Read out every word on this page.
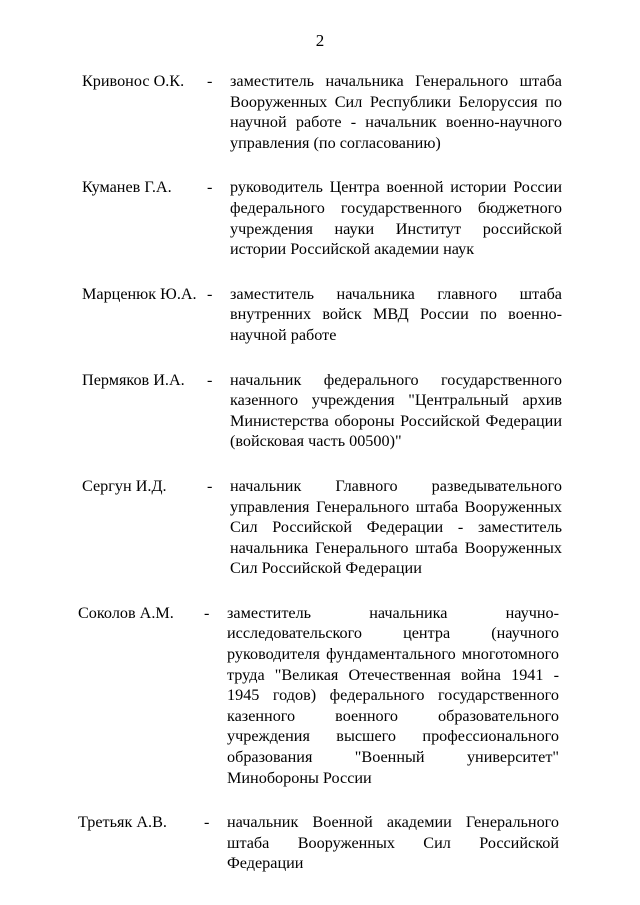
2
Кривонос О.К. - заместитель начальника Генерального штаба Вооруженных Сил Республики Белоруссия по научной работе - начальник военно-научного управления (по согласованию)
Куманев Г.А. - руководитель Центра военной истории России федерального государственного бюджетного учреждения науки Институт российской истории Российской академии наук
Марценюк Ю.А. - заместитель начальника главного штаба внутренних войск МВД России по военно-научной работе
Пермяков И.А. - начальник федерального государственного казенного учреждения "Центральный архив Министерства обороны Российской Федерации (войсковая часть 00500)"
Сергун И.Д. - начальник Главного разведывательного управления Генерального штаба Вооруженных Сил Российской Федерации - заместитель начальника Генерального штаба Вооруженных Сил Российской Федерации
Соколов А.М. - заместитель начальника научно-исследовательского центра (научного руководителя фундаментального многотомного труда "Великая Отечественная война 1941 - 1945 годов) федерального государственного казенного военного образовательного учреждения высшего профессионального образования "Военный университет" Минобороны России
Третьяк А.В. - начальник Военной академии Генерального штаба Вооруженных Сил Российской Федерации
